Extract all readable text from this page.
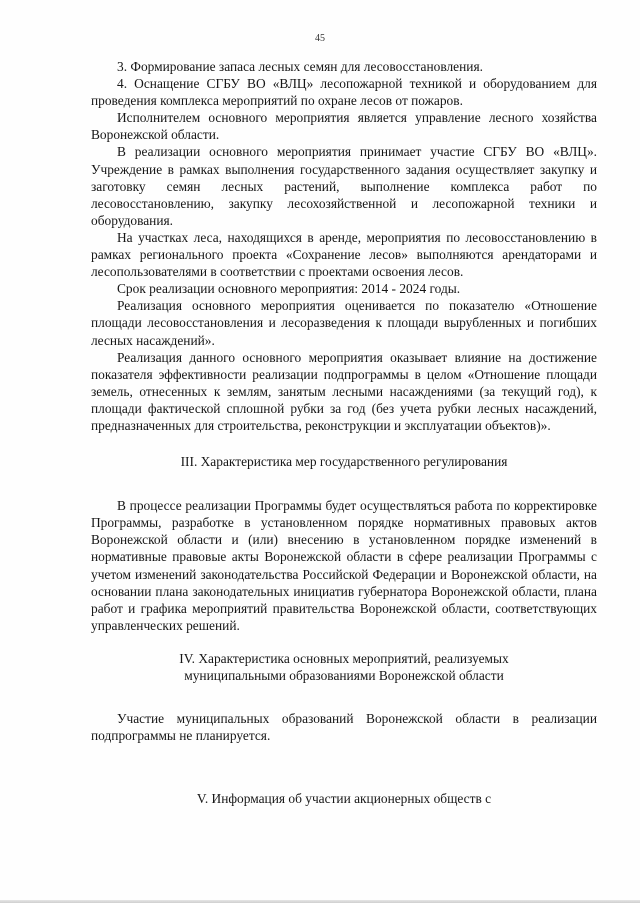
45

3. Формирование запаса лесных семян для лесовосстановления.

4. Оснащение СГБУ ВО «ВЛЦ» лесопожарной техникой и оборудованием для проведения комплекса мероприятий по охране лесов от пожаров.

Исполнителем основного мероприятия является управление лесного хозяйства Воронежской области.

В реализации основного мероприятия принимает участие СГБУ ВО «ВЛЦ». Учреждение в рамках выполнения государственного задания осуществляет закупку и заготовку семян лесных растений, выполнение комплекса работ по лесовосстановлению, закупку лесохозяйственной и лесопожарной техники и оборудования.

На участках леса, находящихся в аренде, мероприятия по лесовосстановлению в рамках регионального проекта «Сохранение лесов» выполняются арендаторами и лесопользователями в соответствии с проектами освоения лесов.

Срок реализации основного мероприятия: 2014 - 2024 годы.

Реализация основного мероприятия оценивается по показателю «Отношение площади лесовосстановления и лесоразведения к площади вырубленных и погибших лесных насаждений».

Реализация данного основного мероприятия оказывает влияние на достижение показателя эффективности реализации подпрограммы в целом «Отношение площади земель, отнесенных к землям, занятым лесными насаждениями (за текущий год), к площади фактической сплошной рубки за год (без учета рубки лесных насаждений, предназначенных для строительства, реконструкции и эксплуатации объектов)».

III. Характеристика мер государственного регулирования

В процессе реализации Программы будет осуществляться работа по корректировке Программы, разработке в установленном порядке нормативных правовых актов Воронежской области и (или) внесению в установленном порядке изменений в нормативные правовые акты Воронежской области в сфере реализации Программы с учетом изменений законодательства Российской Федерации и Воронежской области, на основании плана законодательных инициатив губернатора Воронежской области, плана работ и графика мероприятий правительства Воронежской области, соответствующих управленческих решений.

IV. Характеристика основных мероприятий, реализуемых
муниципальными образованиями Воронежской области

Участие муниципальных образований Воронежской области в реализации подпрограммы не планируется.

V. Информация об участии акционерных обществ с
